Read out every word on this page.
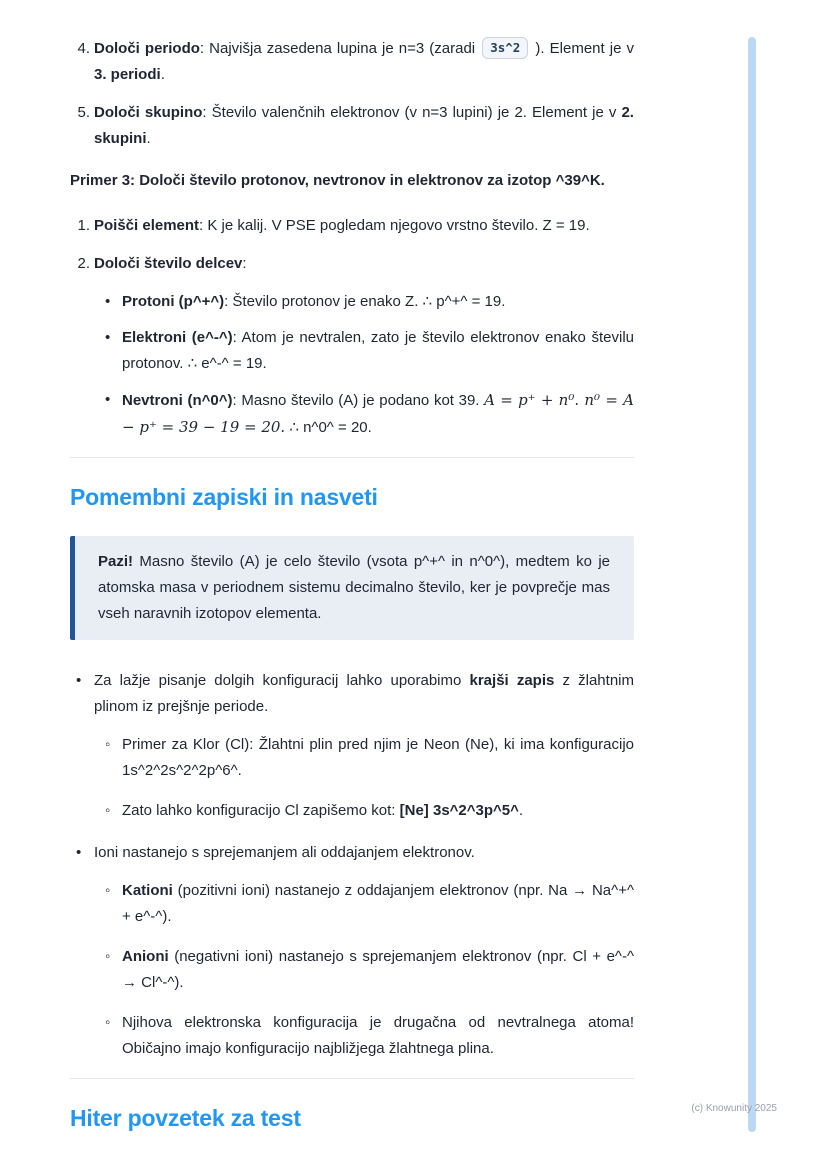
4. Določi periodo: Najvišja zasedena lupina je n=3 (zaradi 3s^2 ). Element je v 3. periodi.
5. Določi skupino: Število valenčnih elektronov (v n=3 lupini) je 2. Element je v 2. skupini.

Primer 3: Določi število protonov, nevtronov in elektronov za izotop ^39^K.

1. Poišči element: K je kalij. V PSE pogledam njegovo vrstno število. Z = 19.
2. Določi število delcev:
• Protoni (p^+^): Število protonov je enako Z. ∴ p^+^ = 19.
• Elektroni (e^-^): Atom je nevtralen, zato je število elektronov enako številu protonov. ∴ e^-^ = 19.
• Nevtroni (n^0^): Masno število (A) je podano kot 39. A = p⁺ + n⁰. n⁰ = A − p⁺ = 39 − 19 = 20. ∴ n^0^ = 20.
Pomembni zapiski in nasveti
Pazi! Masno število (A) je celo število (vsota p^+^ in n^0^), medtem ko je atomska masa v periodnem sistemu decimalno število, ker je povprečje mas vseh naravnih izotopov elementa.
• Za lažje pisanje dolgih konfiguracij lahko uporabimo krajši zapis z žlahtnim plinom iz prejšnje periode.
◦ Primer za Klor (Cl): Žlahtni plin pred njim je Neon (Ne), ki ima konfiguracijo 1s^2^2s^2^2p^6^.
◦ Zato lahko konfiguracijo Cl zapišemo kot: [Ne] 3s^2^3p^5^.
• Ioni nastanejo s sprejemanjem ali oddajanjem elektronov.
◦ Kationi (pozitivni ioni) nastanejo z oddajanjem elektronov (npr. Na → Na^+^ + e^-^).
◦ Anioni (negativni ioni) nastanejo s sprejemanjem elektronov (npr. Cl + e^-^ → Cl^-^).
◦ Njihova elektronska konfiguracija je drugačna od nevtralnega atoma! Običajno imajo konfiguracijo najbližjega žlahtnega plina.
Hiter povzetek za test	(c) Knowunity 2025
